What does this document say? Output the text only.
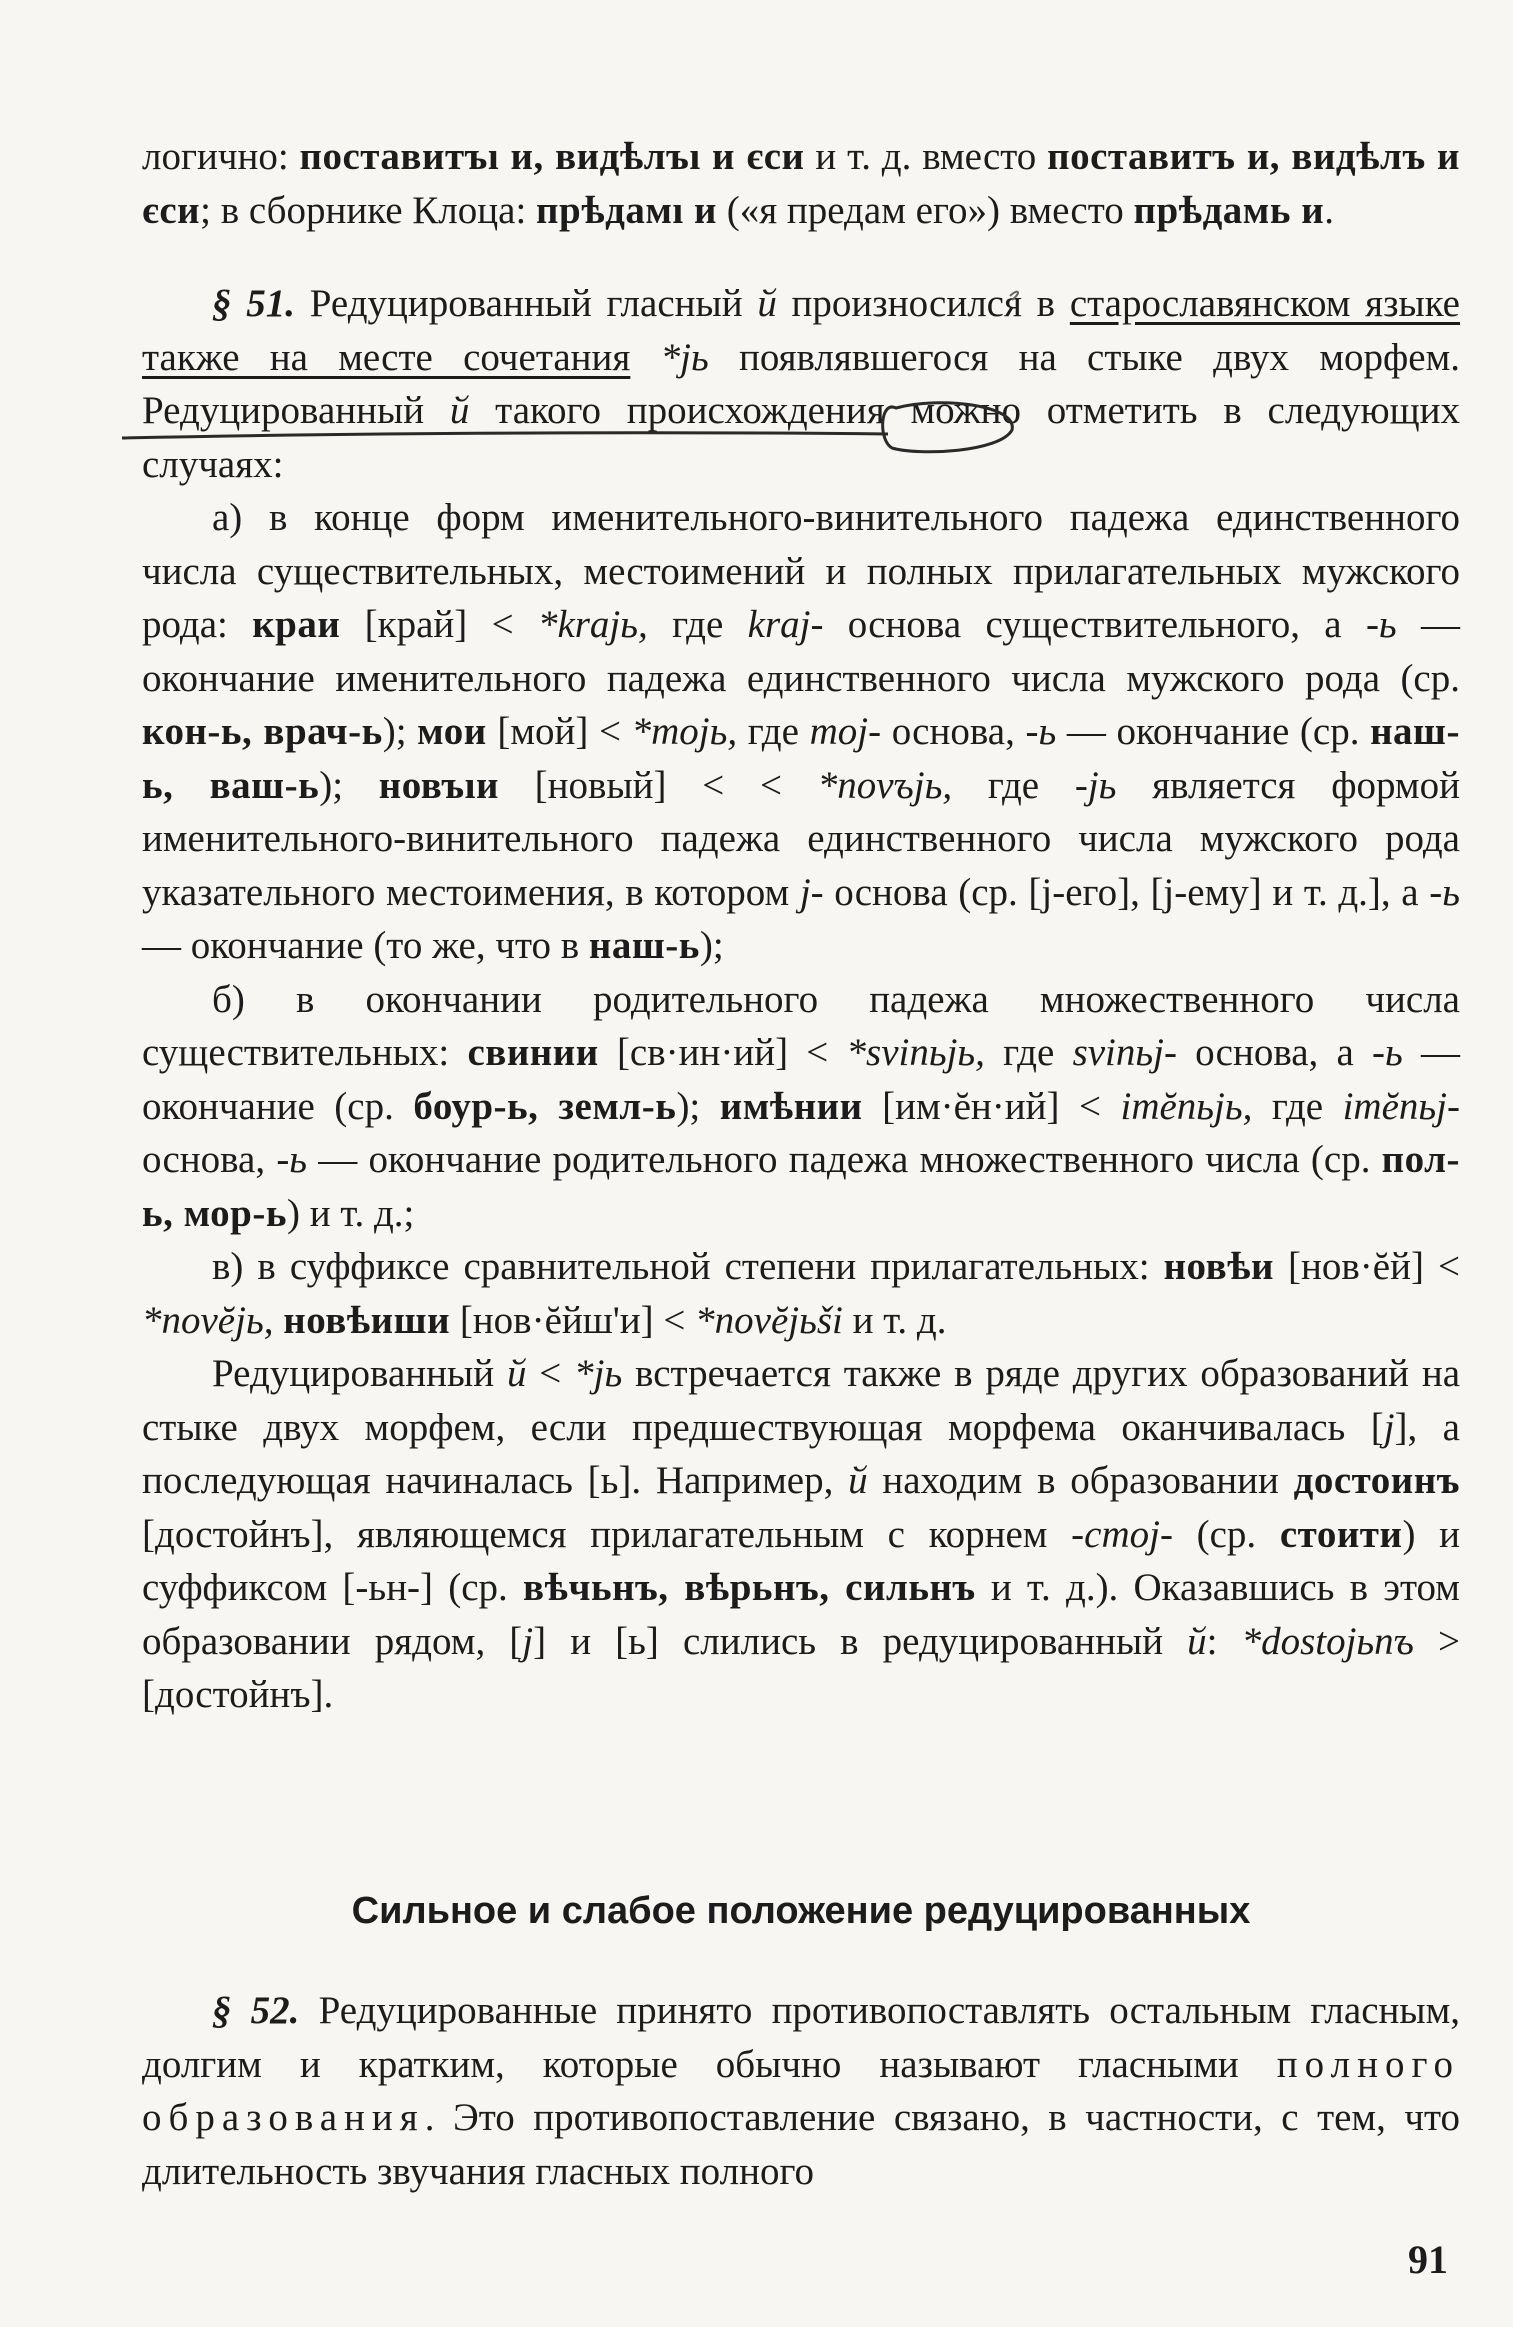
логично: поставитъı и, видѣлъı и єси и т. д. вместо поставитъ и, видѣлъ и єси; в сборнике Клоца: прѣдамı и («я предам его») вместо прѣдамь и.

§ 51. Редуцированный гласный й произносился в старославянском языке также на месте сочетания *jь появлявшегося на стыке двух морфем. Редуцированный й такого происхождения можно отметить в следующих случаях:

а) в конце форм именительного-винительного падежа единственного числа существительных, местоимений и полных прилагательных мужского рода: краи [край] < *krajь, где kraj- основа существительного, а -ь — окончание именительного падежа единственного числа мужского рода (ср. кон-ь, врач-ь); мои [мой] < *mojь, где moj- основа, -ь — окончание (ср. наш-ь, ваш-ь); новъıи [новый] < < *novъjь, где -jь является формой именительного-винительного падежа единственного числа мужского рода указательного местоимения, в котором j- основа (ср. [j-его], [j-ему] и т. д.], а -ь — окончание (то же, что в наш-ь);

б) в окончании родительного падежа множественного числа существительных: свинии [св·ин·ий] < *svinьjь, где svinьj- основа, а -ь — окончание (ср. боур-ь, земл-ь); имѣнии [им·ĕн·ий] < imĕnьjь, где imĕnьj- основа, -ь — окончание родительного падежа множественного числа (ср. пол-ь, мор-ь) и т. д.;

в) в суффиксе сравнительной степени прилагательных: новѣи [нов·ĕй] < *novĕjь, новѣиши [нов·ĕйш'и] < *novĕjьši и т. д.

Редуцированный й < *jь встречается также в ряде других образований на стыке двух морфем, если предшествующая морфема оканчивалась [j], а последующая начиналась [ь]. Например, й находим в образовании достоинъ [достойнъ], являющемся прилагательным с корнем -стоj- (ср. стоити) и суффиксом [-ьн-] (ср. вѣчьнъ, вѣрьнъ, сильнъ и т. д.). Оказавшись в этом образовании рядом, [j] и [ь] слились в редуцированный й: *dostojьnъ > [достойнъ].

Сильное и слабое положение редуцированных

§ 52. Редуцированные принято противопоставлять остальным гласным, долгим и кратким, которые обычно называют гласными полного образования. Это противопоставление связано, в частности, с тем, что длительность звучания гласных полного

91
